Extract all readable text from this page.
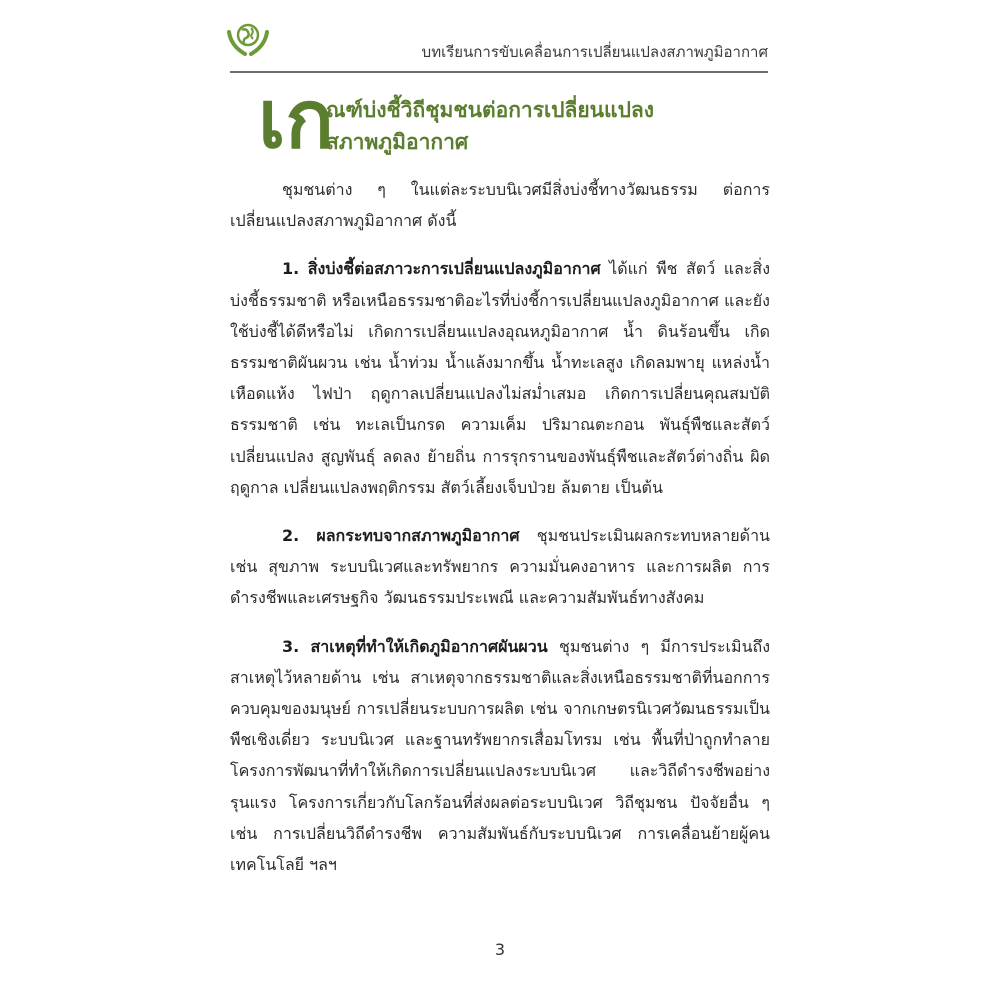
บทเรียนการขับเคลื่อนการเปลี่ยนแปลงสภาพภูมิอากาศ
เก
ณฑ์บ่งชี้วิถีชุมชนต่อการเปลี่ยนแปลง
สภาพภูมิอากาศ

ชุมชนต่าง ๆ ในแต่ละระบบนิเวศมีสิ่งบ่งชี้ทางวัฒนธรรม ต่อการเปลี่ยนแปลงสภาพภูมิอากาศ ดังนี้

1. สิ่งบ่งชี้ต่อสภาวะการเปลี่ยนแปลงภูมิอากาศ ได้แก่ พืช สัตว์ และสิ่งบ่งชี้ธรรมชาติ หรือเหนือธรรมชาติอะไรที่บ่งชี้การเปลี่ยนแปลงภูมิอากาศ และยังใช้บ่งชี้ได้ดีหรือไม่ เกิดการเปลี่ยนแปลงอุณหภูมิอากาศ น้ำ ดินร้อนขึ้น เกิดธรรมชาติผันผวน เช่น น้ำท่วม น้ำแล้งมากขึ้น น้ำทะเลสูง เกิดลมพายุ แหล่งน้ำเหือดแห้ง ไฟป่า ฤดูกาลเปลี่ยนแปลงไม่สม่ำเสมอ เกิดการเปลี่ยนคุณสมบัติธรรมชาติ เช่น ทะเลเป็นกรด ความเค็ม ปริมาณตะกอน พันธุ์พืชและสัตว์เปลี่ยนแปลง สูญพันธุ์ ลดลง ย้ายถิ่น การรุกรานของพันธุ์พืชและสัตว์ต่างถิ่น ผิดฤดูกาล เปลี่ยนแปลงพฤติกรรม สัตว์เลี้ยงเจ็บป่วย ล้มตาย เป็นต้น

2. ผลกระทบจากสภาพภูมิอากาศ ชุมชนประเมินผลกระทบหลายด้าน เช่น สุขภาพ ระบบนิเวศและทรัพยากร ความมั่นคงอาหาร และการผลิต การดำรงชีพและเศรษฐกิจ วัฒนธรรมประเพณี และความสัมพันธ์ทางสังคม

3. สาเหตุที่ทำให้เกิดภูมิอากาศผันผวน ชุมชนต่าง ๆ มีการประเมินถึงสาเหตุไว้หลายด้าน เช่น สาเหตุจากธรรมชาติและสิ่งเหนือธรรมชาติที่นอกการควบคุมของมนุษย์ การเปลี่ยนระบบการผลิต เช่น จากเกษตรนิเวศวัฒนธรรมเป็นพืชเชิงเดี่ยว ระบบนิเวศ และฐานทรัพยากรเสื่อมโทรม เช่น พื้นที่ป่าถูกทำลาย โครงการพัฒนาที่ทำให้เกิดการเปลี่ยนแปลงระบบนิเวศ และวิถีดำรงชีพอย่างรุนแรง โครงการเกี่ยวกับโลกร้อนที่ส่งผลต่อระบบนิเวศ วิถีชุมชน ปัจจัยอื่น ๆ เช่น การเปลี่ยนวิถีดำรงชีพ ความสัมพันธ์กับระบบนิเวศ การเคลื่อนย้ายผู้คน เทคโนโลยี ฯลฯ

3
